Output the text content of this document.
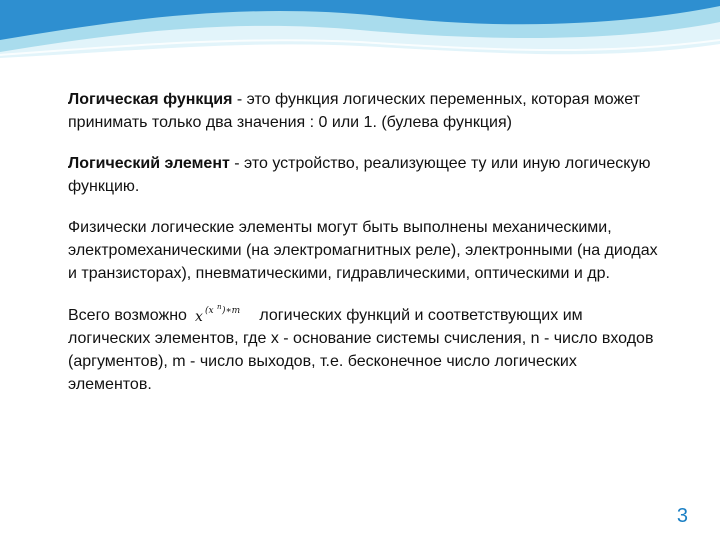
Логическая функция - это функция логических переменных, которая может принимать только два значения : 0 или 1. (булева функция)

Логический элемент - это устройство, реализующее ту или иную логическую функцию.

Физически логические элементы могут быть выполнены механическими, электромеханическими (на электромагнитных реле), электронными (на диодах и транзисторах), пневматическими, гидравлическими, оптическими и др.

Всего возможно x (x n )∗m логических функций и соответствующих им логических элементов, где x - основание системы счисления, n - число входов (аргументов), m - число выходов, т.е. бесконечное число логических элементов.

3
